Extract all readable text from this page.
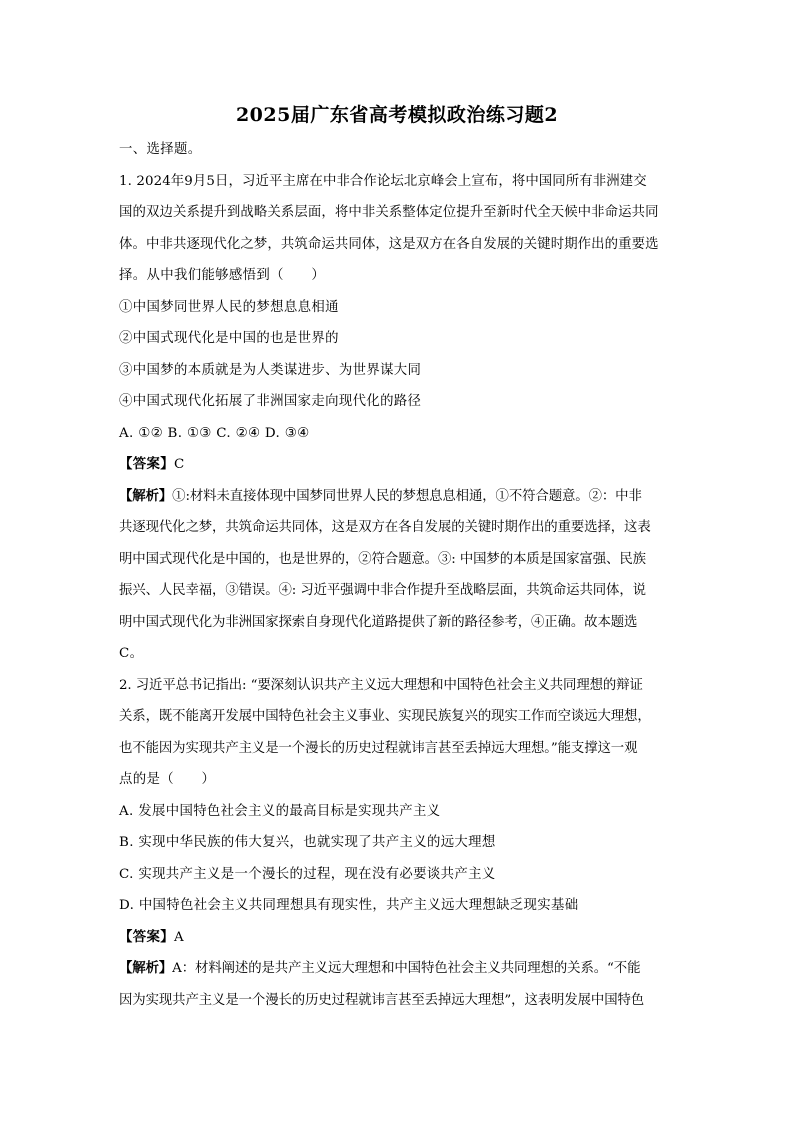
2025届广东省高考模拟政治练习题2
一、选择题。
1. 2024年9月5日，习近平主席在中非合作论坛北京峰会上宣布，将中国同所有非洲建交
国的双边关系提升到战略关系层面，将中非关系整体定位提升至新时代全天候中非命运共同
体。中非共逐现代化之梦，共筑命运共同体，这是双方在各自发展的关键时期作出的重要选
择。从中我们能够感悟到（　　）
①中国梦同世界人民的梦想息息相通
②中国式现代化是中国的也是世界的
③中国梦的本质就是为人类谋进步、为世界谋大同
④中国式现代化拓展了非洲国家走向现代化的路径
A. ①② B. ①③ C. ②④ D. ③④
【答案】C
【解析】①:材料未直接体现中国梦同世界人民的梦想息息相通，①不符合题意。②：中非
共逐现代化之梦，共筑命运共同体，这是双方在各自发展的关键时期作出的重要选择，这表
明中国式现代化是中国的，也是世界的，②符合题意。③: 中国梦的本质是国家富强、民族
振兴、人民幸福，③错误。④: 习近平强调中非合作提升至战略层面，共筑命运共同体，说
明中国式现代化为非洲国家探索自身现代化道路提供了新的路径参考，④正确。故本题选
C。
2. 习近平总书记指出: “要深刻认识共产主义远大理想和中国特色社会主义共同理想的辩证
关系，既不能离开发展中国特色社会主义事业、实现民族复兴的现实工作而空谈远大理想，
也不能因为实现共产主义是一个漫长的历史过程就讳言甚至丢掉远大理想。”能支撑这一观
点的是（　　）
A. 发展中国特色社会主义的最高目标是实现共产主义
B. 实现中华民族的伟大复兴，也就实现了共产主义的远大理想
C. 实现共产主义是一个漫长的过程，现在没有必要谈共产主义
D. 中国特色社会主义共同理想具有现实性，共产主义远大理想缺乏现实基础
【答案】A
【解析】A：材料阐述的是共产主义远大理想和中国特色社会主义共同理想的关系。“不能
因为实现共产主义是一个漫长的历史过程就讳言甚至丢掉远大理想”，这表明发展中国特色
